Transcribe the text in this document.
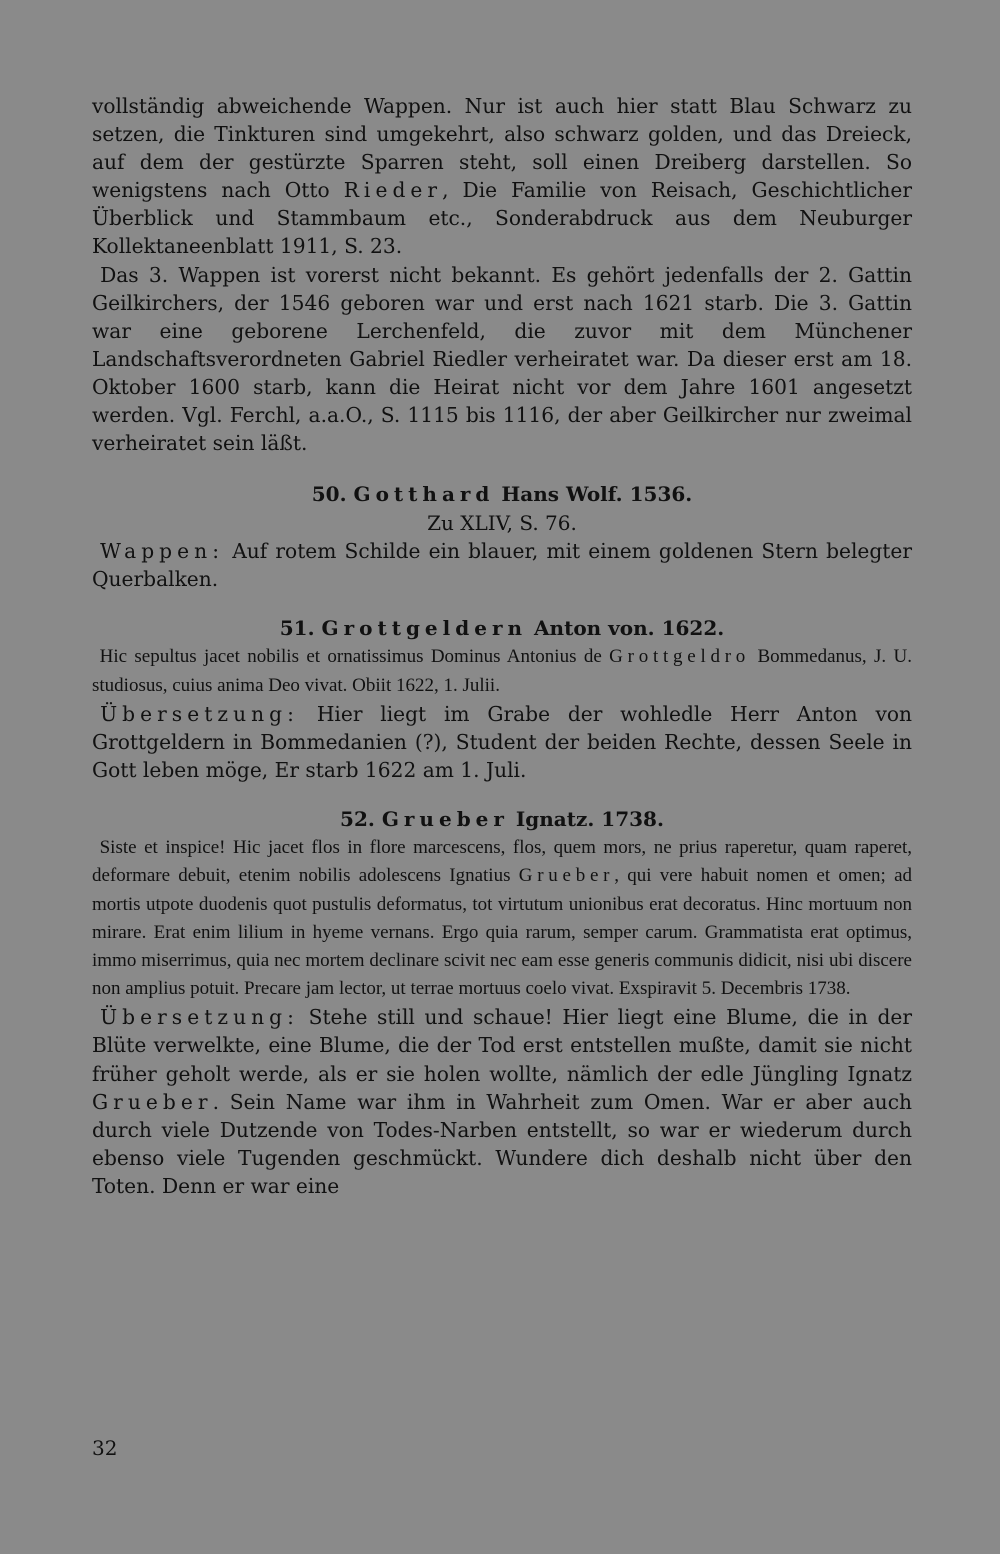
vollständig abweichende Wappen. Nur ist auch hier statt Blau Schwarz zu setzen, die Tinkturen sind umgekehrt, also schwarz golden, und das Dreieck, auf dem der gestürzte Sparren steht, soll einen Dreiberg darstellen. So wenigstens nach Otto Rieder, Die Familie von Reisach, Geschichtlicher Überblick und Stammbaum etc., Sonderabdruck aus dem Neuburger Kollektaneenblatt 1911, S. 23.

Das 3. Wappen ist vorerst nicht bekannt. Es gehört jedenfalls der 2. Gattin Geilkirchers, der 1546 geboren war und erst nach 1621 starb. Die 3. Gattin war eine geborene Lerchenfeld, die zuvor mit dem Münchener Landschaftsverordneten Gabriel Riedler verheiratet war. Da dieser erst am 18. Oktober 1600 starb, kann die Heirat nicht vor dem Jahre 1601 angesetzt werden. Vgl. Ferchl, a.a.O., S. 1115 bis 1116, der aber Geilkircher nur zweimal verheiratet sein läßt.

50. Gotthard Hans Wolf. 1536.

Zu XLIV, S. 76.

Wappen: Auf rotem Schilde ein blauer, mit einem goldenen Stern belegter Querbalken.

51. Grottgeldern Anton von. 1622.

Hic sepultus jacet nobilis et ornatissimus Dominus Antonius de Grottgeldro Bommedanus, J. U. studiosus, cuius anima Deo vivat. Obiit 1622, 1. Julii.

Übersetzung: Hier liegt im Grabe der wohledle Herr Anton von Grottgeldern in Bommedanien (?), Student der beiden Rechte, dessen Seele in Gott leben möge, Er starb 1622 am 1. Juli.

52. Grueber Ignatz. 1738.

Siste et inspice! Hic jacet flos in flore marcescens, flos, quem mors, ne prius raperetur, quam raperet, deformare debuit, etenim nobilis adolescens Ignatius Grueber, qui vere habuit nomen et omen; ad mortis utpote duodenis quot pustulis deformatus, tot virtutum unionibus erat decoratus. Hinc mortuum non mirare. Erat enim lilium in hyeme vernans. Ergo quia rarum, semper carum. Grammatista erat optimus, immo miserrimus, quia nec mortem declinare scivit nec eam esse generis communis didicit, nisi ubi discere non amplius potuit. Precare jam lector, ut terrae mortuus coelo vivat. Exspiravit 5. Decembris 1738.

Übersetzung: Stehe still und schaue! Hier liegt eine Blume, die in der Blüte verwelkte, eine Blume, die der Tod erst entstellen mußte, damit sie nicht früher geholt werde, als er sie holen wollte, nämlich der edle Jüngling Ignatz Grueber. Sein Name war ihm in Wahrheit zum Omen. War er aber auch durch viele Dutzende von Todes-Narben entstellt, so war er wiederum durch ebenso viele Tugenden geschmückt. Wundere dich deshalb nicht über den Toten. Denn er war eine

32
